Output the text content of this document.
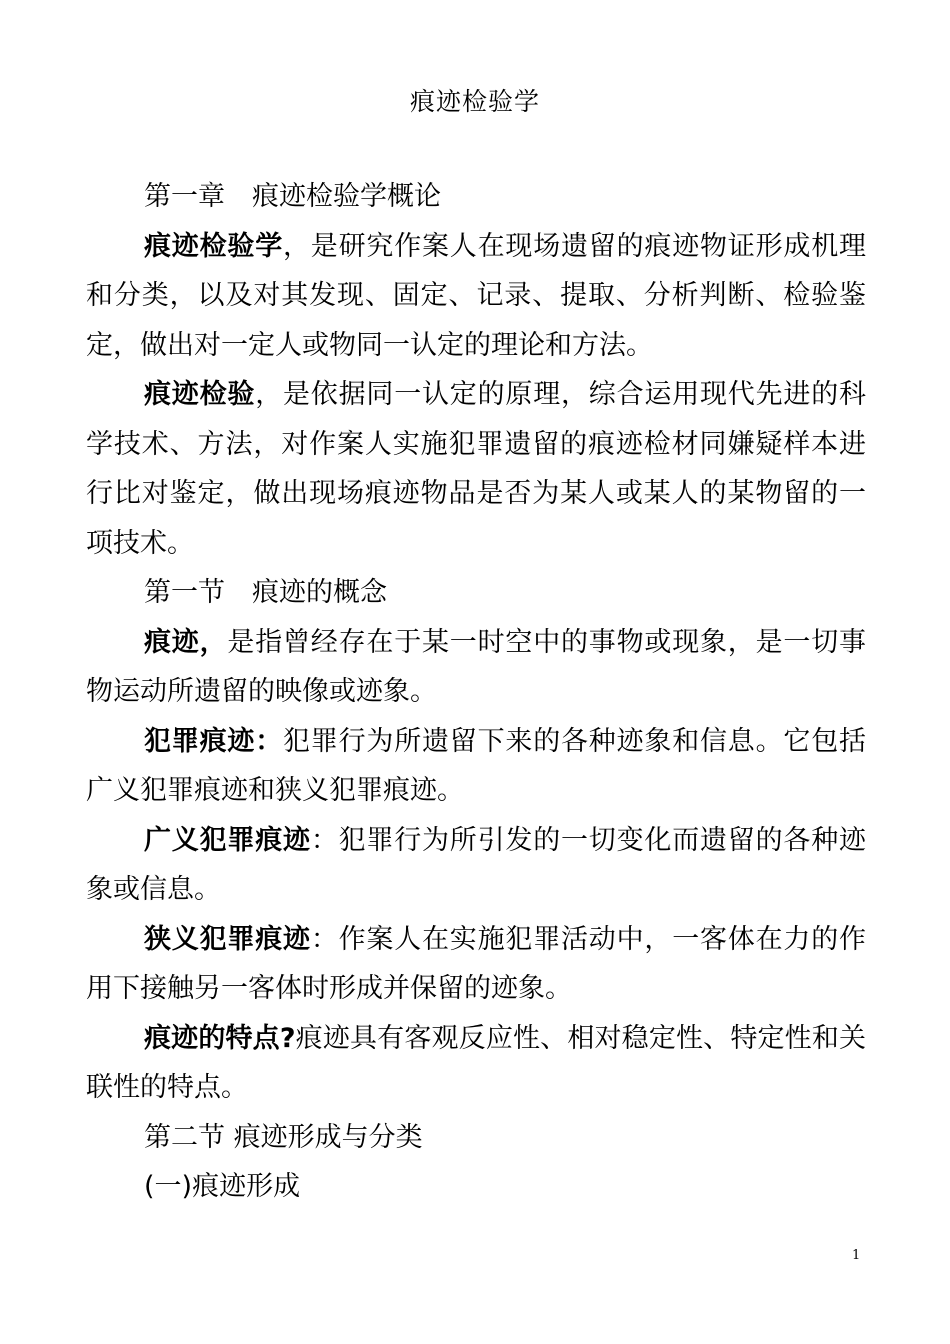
痕迹检验学

第一章　痕迹检验学概论

痕迹检验学，是研究作案人在现场遗留的痕迹物证形成机理和分类，以及对其发现、固定、记录、提取、分析判断、检验鉴定，做出对一定人或物同一认定的理论和方法。

痕迹检验，是依据同一认定的原理，综合运用现代先进的科学技术、方法，对作案人实施犯罪遗留的痕迹检材同嫌疑样本进行比对鉴定，做出现场痕迹物品是否为某人或某人的某物留的一项技术。

第一节　痕迹的概念

痕迹，是指曾经存在于某一时空中的事物或现象，是一切事物运动所遗留的映像或迹象。

犯罪痕迹：犯罪行为所遗留下来的各种迹象和信息。它包括广义犯罪痕迹和狭义犯罪痕迹。

广义犯罪痕迹：犯罪行为所引发的一切变化而遗留的各种迹象或信息。

狭义犯罪痕迹：作案人在实施犯罪活动中，一客体在力的作用下接触另一客体时形成并保留的迹象。

痕迹的特点?痕迹具有客观反应性、相对稳定性、特定性和关联性的特点。

第二节 痕迹形成与分类

(一)痕迹形成

1
